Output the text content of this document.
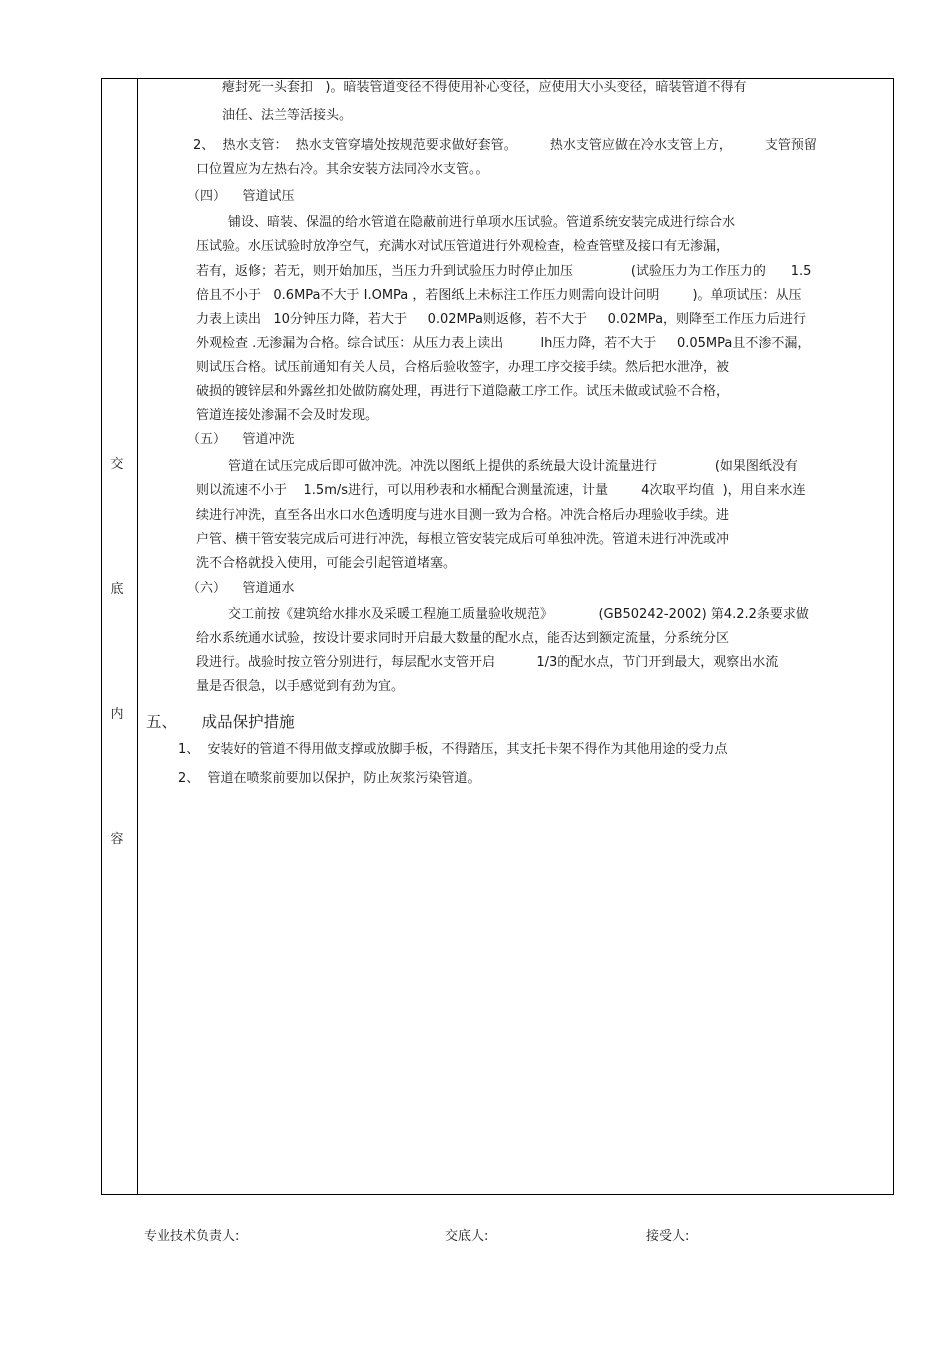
交
底
内
容
瘪封死一头套扣   )。暗装管道变径不得使用补心变径，应使用大小头变径，暗装管道不得有
油任、法兰等活接头。
2、  热水支管：  热水支管穿墙处按规范要求做好套管。        热水支管应做在冷水支管上方，        支管预留
口位置应为左热右冷。其余安装方法同冷水支管。。
（四）    管道试压
铺设、暗装、保温的给水管道在隐蔽前进行单项水压试验。管道系统安装完成进行综合水
压试验。水压试验时放净空气，充满水对试压管道进行外观检查，检查管壁及接口有无渗漏，
若有，返修；若无，则开始加压，当压力升到试验压力时停止加压              (试验压力为工作压力的      1.5
倍且不小于   0.6MPa不大于 I.OMPa ，若图纸上未标注工作压力则需向设计问明        )。单项试压：从压
力表上读出   10分钟压力降，若大于     0.02MPa则返修，若不大于     0.02MPa，则降至工作压力后进行
外观检查 .无渗漏为合格。综合试压：从压力表上读出         lh压力降，若不大于     0.05MPa且不渗不漏，
则试压合格。试压前通知有关人员，合格后验收签字，办理工序交接手续。然后把水泄净，被
破损的镀锌层和外露丝扣处做防腐处理，再进行下道隐蔽工序工作。试压未做或试验不合格，
管道连接处渗漏不会及时发现。
（五）    管道冲洗
管道在试压完成后即可做冲洗。冲洗以图纸上提供的系统最大设计流量进行              (如果图纸没有
则以流速不小于    1.5m/s进行，可以用秒表和水桶配合测量流速，计量        4次取平均值  )，用自来水连
续进行冲洗，直至各出水口水色透明度与进水目测一致为合格。冲洗合格后办理验收手续。进
户管、横干管安装完成后可进行冲洗，每根立管安装完成后可单独冲洗。管道未进行冲洗或冲
洗不合格就投入使用，可能会引起管道堵塞。
（六）    管道通水
交工前按《建筑给水排水及采暖工程施工质量验收规范》           (GB50242-2002) 第4.2.2条要求做
给水系统通水试验，按设计要求同时开启最大数量的配水点，能否达到额定流量，分系统分区
段进行。战验时按立管分别进行，每层配水支管开启          1/3的配水点，节门开到最大，观察出水流
量是否很急，以手感觉到有劲为宜。
五、     成品保护措施
1、  安装好的管道不得用做支撑或放脚手板，不得踏压，其支托卡架不得作为其他用途的受力点
2、  管道在喷浆前要加以保护，防止灰浆污染管道。
专业技术负责人:	交底人:	接受人:
